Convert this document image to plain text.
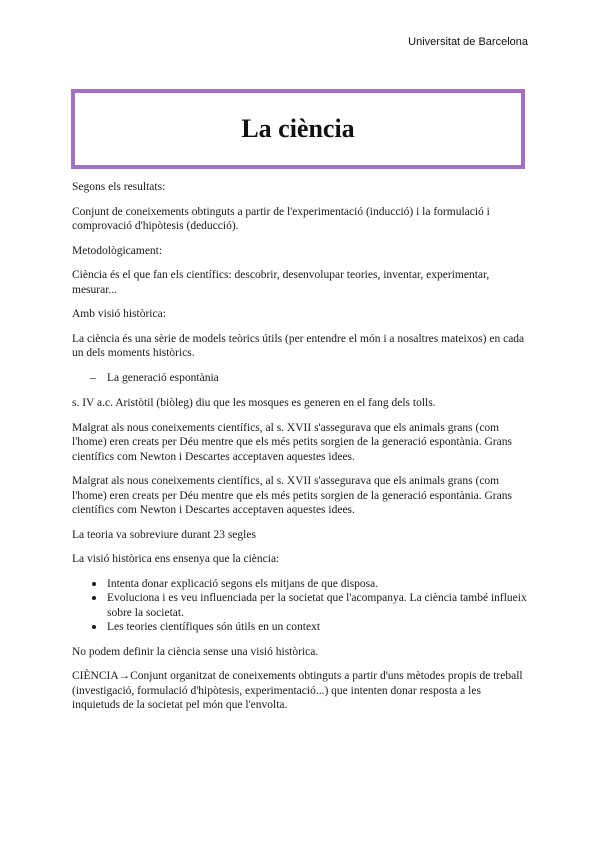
Universitat de Barcelona
La ciència

Segons els resultats:

Conjunt de coneixements obtinguts a partir de l'experimentació (inducció) i la formulació i comprovació d'hipòtesis (deducció).

Metodològicament:

Ciència és el que fan els científics: descobrir, desenvolupar teories, inventar, experimentar, mesurar...

Amb visió històrica:

La ciència és una sèrie de models teòrics útils (per entendre el món i a nosaltres mateixos) en cada un dels moments històrics.

– La generació espontània

s. IV a.c. Aristòtil (biòleg) diu que les mosques es generen en el fang dels tolls.

Malgrat als nous coneixements científics, al s. XVII s'assegurava que els animals grans (com l'home) eren creats per Déu mentre que els més petits sorgien de la generació espontània. Grans científics com Newton i Descartes acceptaven aquestes idees.

Malgrat als nous coneixements científics, al s. XVII s'assegurava que els animals grans (com l'home) eren creats per Déu mentre que els més petits sorgien de la generació espontània. Grans científics com Newton i Descartes acceptaven aquestes idees.

La teoria va sobreviure durant 23 segles

La visió històrica ens ensenya que la ciència:

Intenta donar explicació segons els mitjans de que disposa.
Evoluciona i es veu influenciada per la societat que l'acompanya. La ciència també influeix sobre la societat.
Les teories científiques són útils en un context

No podem definir la ciència sense una visió històrica.

CIÈNCIA→Conjunt organitzat de coneixements obtinguts a partir d'uns mètodes propis de treball (investigació, formulació d'hipòtesis, experimentació...) que intenten donar resposta a les inquietuds de la societat pel món que l'envolta.
